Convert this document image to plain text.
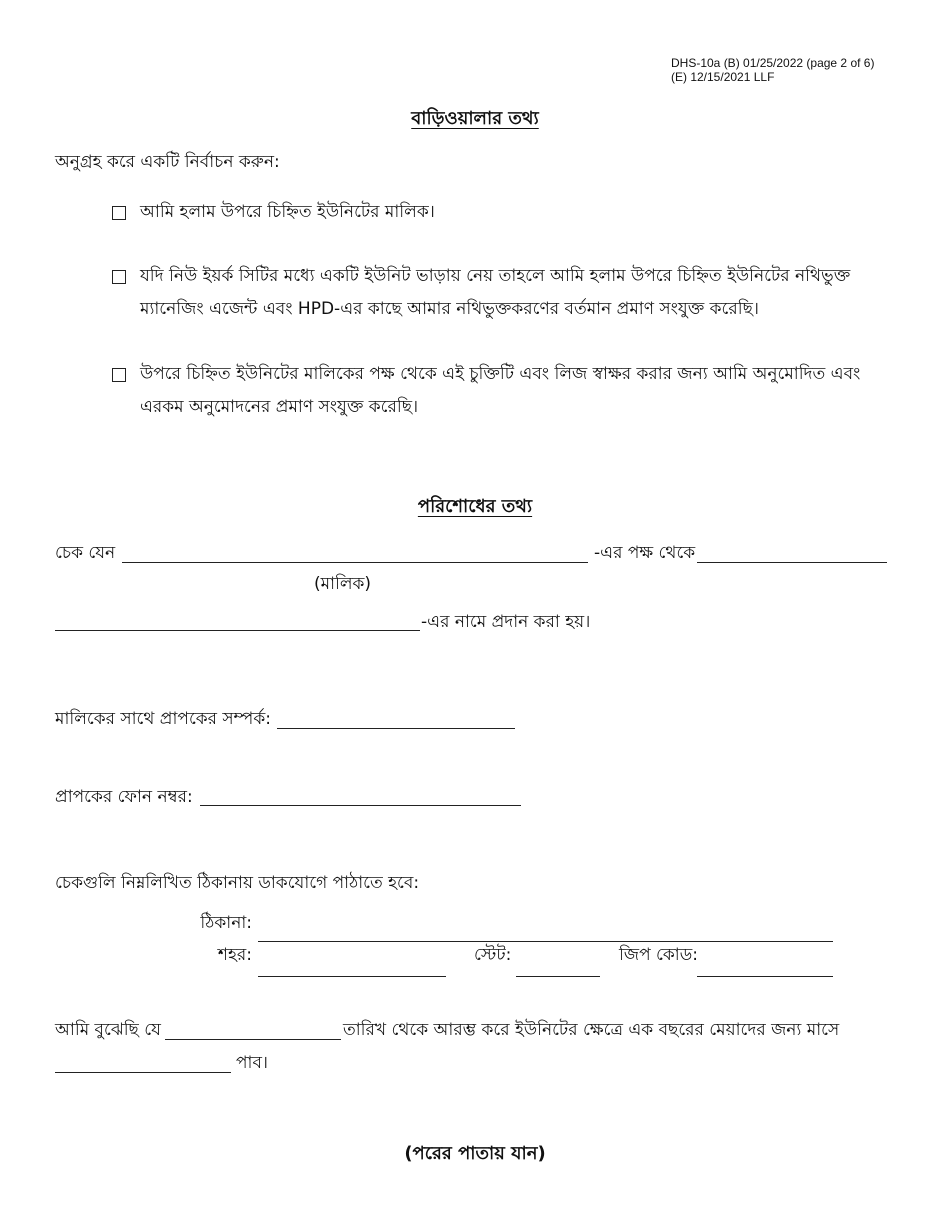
DHS-10a (B) 01/25/2022 (page 2 of 6)
(E) 12/15/2021 LLF
বাড়িওয়ালার তথ্য
অনুগ্রহ করে একটি নির্বাচন করুন:
আমি হলাম উপরে চিহ্নিত ইউনিটের মালিক।
যদি নিউ ইয়র্ক সিটির মধ্যে একটি ইউনিট ভাড়ায় নেয় তাহলে আমি হলাম উপরে চিহ্নিত ইউনিটের নথিভুক্ত ম্যানেজিং এজেন্ট এবং HPD-এর কাছে আমার নথিভুক্তকরণের বর্তমান প্রমাণ সংযুক্ত করেছি।
উপরে চিহ্নিত ইউনিটের মালিকের পক্ষ থেকে এই চুক্তিটি এবং লিজ স্বাক্ষর করার জন্য আমি অনুমোদিত এবং এরকম অনুমোদনের প্রমাণ সংযুক্ত করেছি।
পরিশোধের তথ্য
চেক যেন	-এর পক্ষ থেকে
(মালিক)
-এর নামে প্রদান করা হয়।
মালিকের সাথে প্রাপকের সম্পর্ক:
প্রাপকের ফোন নম্বর:
চেকগুলি নিম্নলিখিত ঠিকানায় ডাকযোগে পাঠাতে হবে:
ঠিকানা:
শহর:	স্টেট:	জিপ কোড:
আমি বুঝেছি যে	তারিখ থেকে আরম্ভ করে ইউনিটের ক্ষেত্রে এক বছরের মেয়াদের জন্য মাসে
পাব।
(পরের পাতায় যান)
